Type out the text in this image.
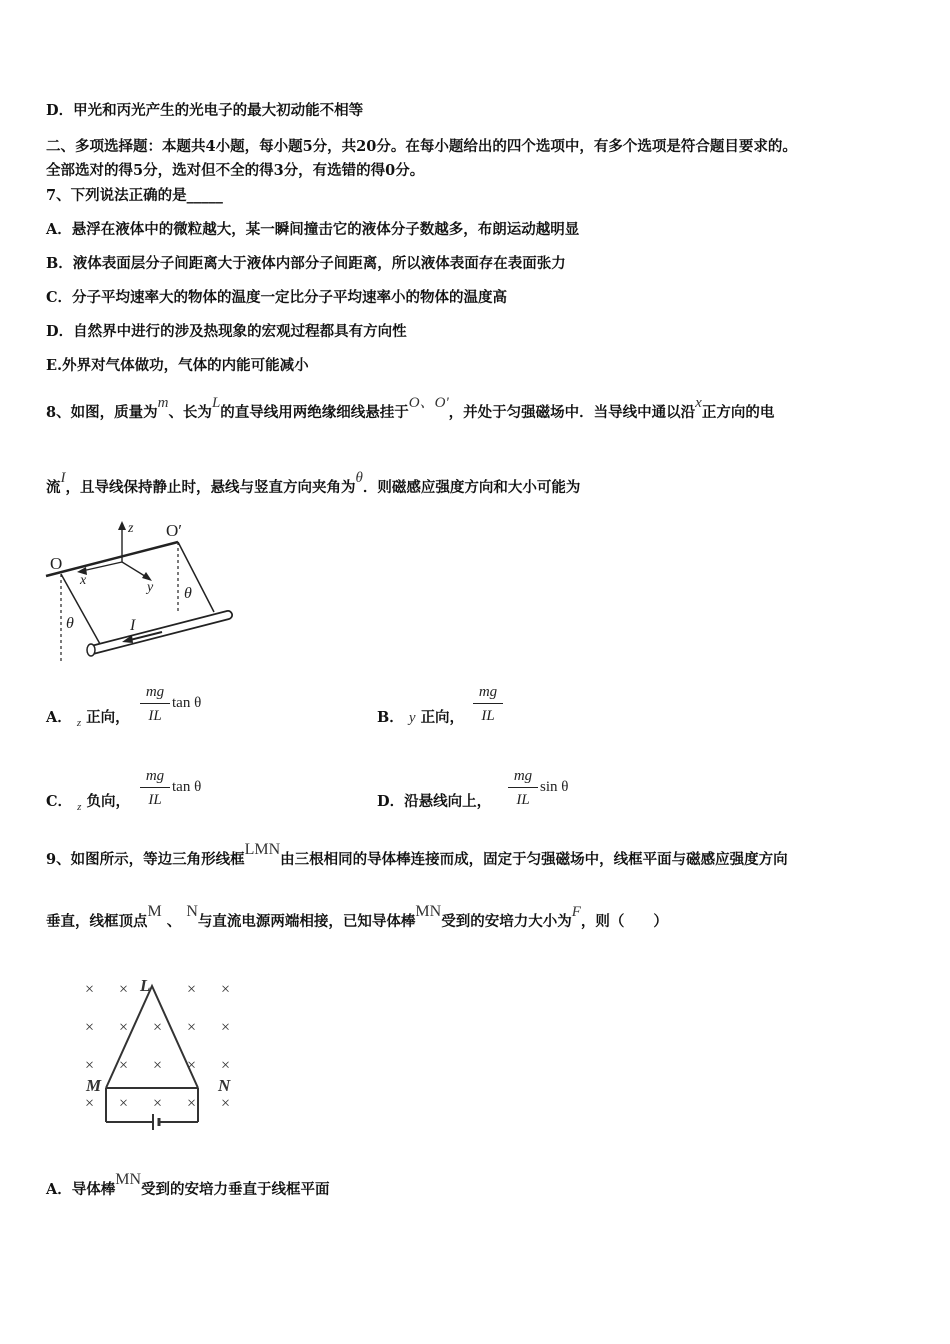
D．甲光和丙光产生的光电子的最大初动能不相等
二、多项选择题：本题共4小题，每小题5分，共20分。在每小题给出的四个选项中，有多个选项是符合题目要求的。
全部选对的得5分，选对但不全的得3分，有选错的得0分。
7、下列说法正确的是_____
A．悬浮在液体中的微粒越大，某一瞬间撞击它的液体分子数越多，布朗运动越明显
B．液体表面层分子间距离大于液体内部分子间距离，所以液体表面存在表面张力
C．分子平均速率大的物体的温度一定比分子平均速率小的物体的温度高
D．自然界中进行的涉及热现象的宏观过程都具有方向性
E.外界对气体做功，气体的内能可能减小
8、如图，质量为m、长为L的直导线用两绝缘细线悬挂于O、O'，并处于匀强磁场中．当导线中通以沿x正方向的电
流I，且导线保持静止时，悬线与竖直方向夹角为θ．则磁感应强度方向和大小可能为
O
O′
z
x	y θ
θ	I
A． $_z$ 正向，
mg
IL
tan θ
B． y 正向，
mg
IL
C． $_z$ 负向，
mg
IL
tan θ
D．沿悬线向上，
mg
IL
sin θ
9、如图所示，等边三角形线框LMN由三根相同的导体棒连接而成，固定于匀强磁场中，线框平面与磁感应强度方向
垂直，线框顶点M 、 N与直流电源两端相接，已知导体棒MN受到的安培力大小为F，则（　　）
× ×	× ×
× × × × ×
× × × × ×
× × × × ×
L
M	N
A．导体棒MN受到的安培力垂直于线框平面
